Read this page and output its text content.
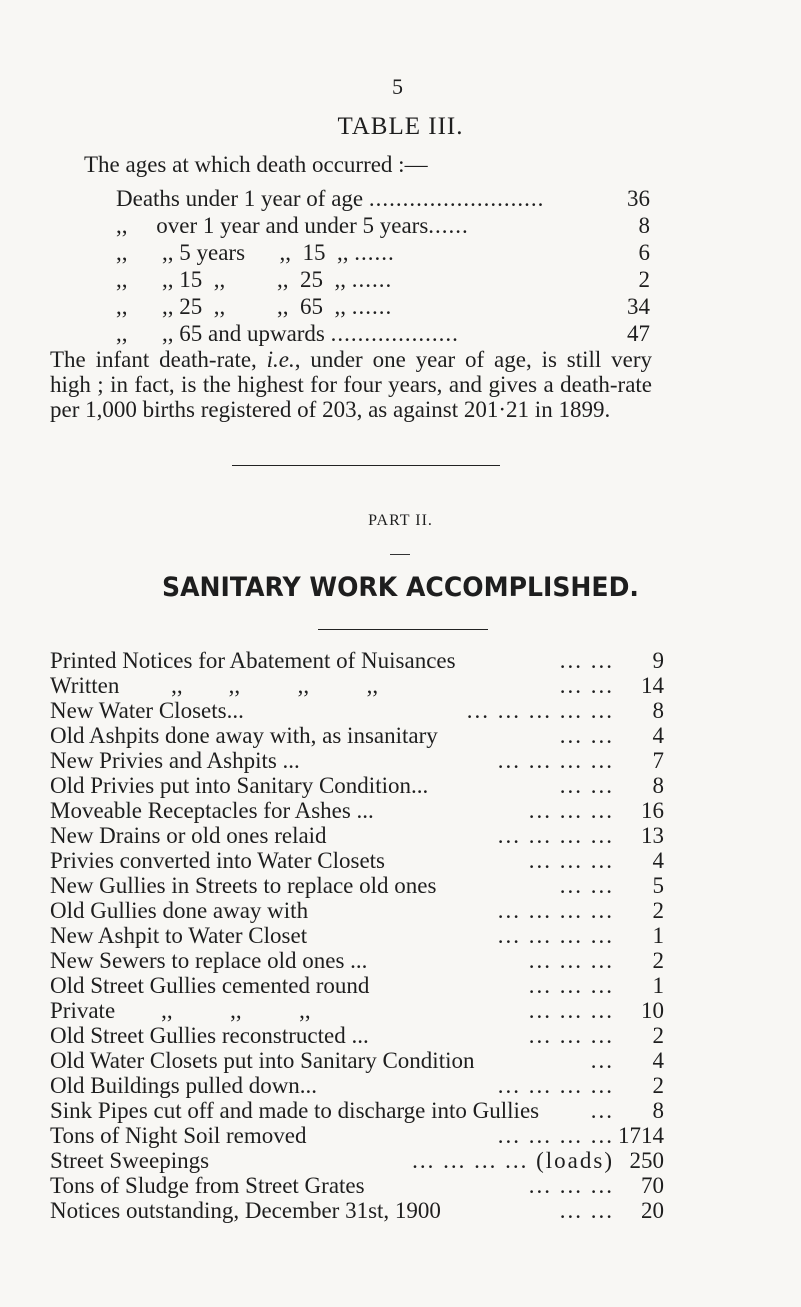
5
TABLE III.
The ages at which death occurred :—
Deaths under 1 year of age ..........................	36
,,     over 1 year and under 5 years ......	8
,,      ,, 5 years      ,,  15  ,, ......	6
,,      ,, 15  ,,         ,,  25  ,, ......	2
,,      ,, 25  ,,         ,,  65  ,, ......	34
,,      ,, 65 and upwards ...................	47
The infant death-rate, i.e., under one year of age, is still very high ; in fact, is the highest for four years, and gives a death-rate per 1,000 births registered of 203, as against 201·21 in 1899.
PART II.
SANITARY WORK ACCOMPLISHED.
Printed Notices for Abatement of Nuisances	... ...	9
Written         ,,        ,,          ,,          ,,	... ...	14
New Water Closets...	... ... ... ... ...	8
Old Ashpits done away with, as insanitary	... ...	4
New Privies and Ashpits ...	... ... ... ...	7
Old Privies put into Sanitary Condition...	... ...	8
Moveable Receptacles for Ashes ...	... ... ...	16
New Drains or old ones relaid	... ... ... ...	13
Privies converted into Water Closets	... ... ...	4
New Gullies in Streets to replace old ones	... ...	5
Old Gullies done away with	... ... ... ...	2
New Ashpit to Water Closet	... ... ... ...	1
New Sewers to replace old ones ...	... ... ...	2
Old Street Gullies cemented round	... ... ...	1
Private        ,,          ,,          ,,	... ... ...	10
Old Street Gullies reconstructed ...	... ... ...	2
Old Water Closets put into Sanitary Condition	...	4
Old Buildings pulled down...	... ... ... ...	2
Sink Pipes cut off and made to discharge into Gullies	...	8
Tons of Night Soil removed	... ... ... ... 1714
Street Sweepings	... ... ... ... (loads) 250
Tons of Sludge from Street Grates	... ... ...	70
Notices outstanding, December 31st, 1900	... ...	20
